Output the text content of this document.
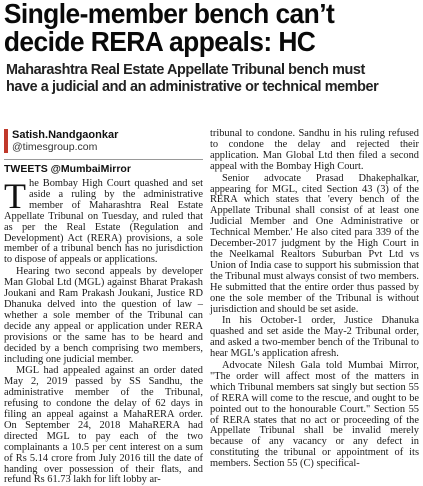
Single-member bench can’t
decide RERA appeals: HC
Maharashtra Real Estate Appellate Tribunal bench must
have a judicial and an administrative or technical member
Satish.Nandgaonkar
@timesgroup.com
TWEETS @MumbaiMirror

The Bombay High Court quashed and set aside a ruling by the administrative member of Maharashtra Real Estate Appellate Tribunal on Tuesday, and ruled that as per the Real Estate (Regulation and Development) Act (RERA) provisions, a sole member of a tribunal bench has no jurisdiction to dispose of appeals or applications.

Hearing two second appeals by developer Man Global Ltd (MGL) against Bharat Prakash Joukani and Ram Prakash Joukani, Justice RD Dhanuka delved into the question of law – whether a sole member of the Tribunal can decide any appeal or application under RERA provisions or the same has to be heard and decided by a bench comprising two members, including one judicial member.

MGL had appealed against an order dated May 2, 2019 passed by SS Sandhu, the administrative member of the Tribunal, refusing to condone the delay of 62 days in filing an appeal against a MahaRERA order. On September 24, 2018 MahaRERA had directed MGL to pay each of the two complainants a 10.5 per cent interest on a sum of Rs 5.14 crore from July 2016 till the date of handing over possession of their flats, and refund Rs 61.73 lakh for lift lobby ar-

tribunal to condone. Sandhu in his ruling refused to condone the delay and rejected their application. Man Global Ltd then filed a second appeal with the Bombay High Court.

Senior advocate Prasad Dhakephalkar, appearing for MGL, cited Section 43 (3) of the RERA which states that 'every bench of the Appellate Tribunal shall consist of at least one Judicial Member and One Administrative or Technical Member.' He also cited para 339 of the December-2017 judgment by the High Court in the Neelkamal Realtors Suburban Pvt Ltd vs Union of India case to support his submission that the Tribunal must always consist of two members. He submitted that the entire order thus passed by one the sole member of the Tribunal is without jurisdiction and should be set aside.

In his October-1 order, Justice Dhanuka quashed and set aside the May-2 Tribunal order, and asked a two-member bench of the Tribunal to hear MGL's application afresh.

Advocate Nilesh Gala told Mumbai Mirror, "The order will affect most of the matters in which Tribunal members sat singly but section 55 of RERA will come to the rescue, and ought to be pointed out to the honourable Court." Section 55 of RERA states that no act or proceeding of the Appellate Tribunal shall be invalid merely because of any vacancy or any defect in constituting the tribunal or appointment of its members. Section 55 (C) specifical-
